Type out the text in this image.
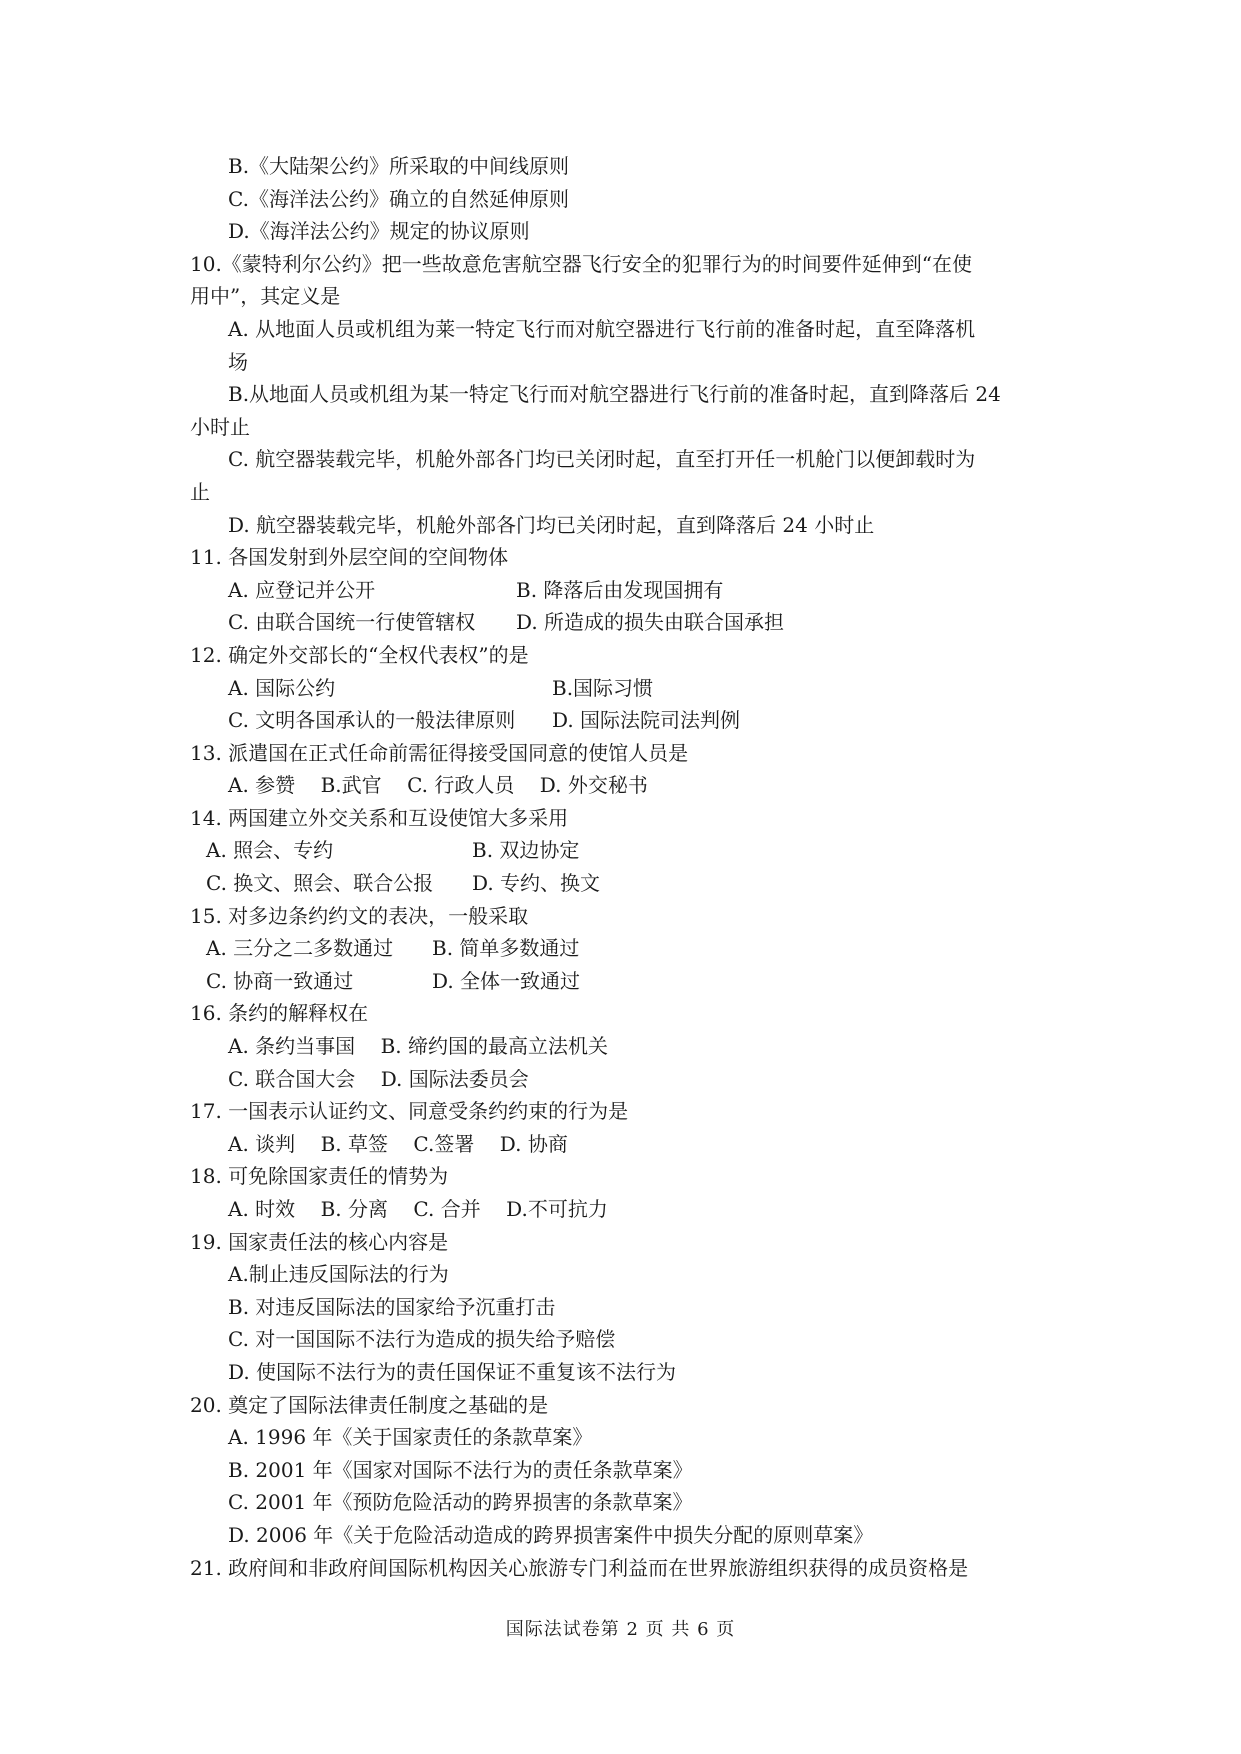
B.《大陆架公约》所采取的中间线原则
C.《海洋法公约》确立的自然延伸原则
D.《海洋法公约》规定的协议原则
10.《蒙特利尔公约》把一些故意危害航空器飞行安全的犯罪行为的时间要件延伸到“在使
用中”，其定义是
A. 从地面人员或机组为莱一特定飞行而对航空器进行飞行前的准备时起，直至降落机
场
B.从地面人员或机组为某一特定飞行而对航空器进行飞行前的准备时起，直到降落后 24
小时止
C. 航空器装载完毕，机舱外部各门均已关闭时起，直至打开任一机舱门以便卸载时为
止
D. 航空器装载完毕，机舱外部各门均已关闭时起，直到降落后 24 小时止
11. 各国发射到外层空间的空间物体
A. 应登记并公开	B. 降落后由发现国拥有
C. 由联合国统一行使管辖权	D. 所造成的损失由联合国承担
12. 确定外交部长的“全权代表权”的是
A. 国际公约	B.国际习惯
C. 文明各国承认的一般法律原则	D. 国际法院司法判例
13. 派遣国在正式任命前需征得接受国同意的使馆人员是
A. 参赞    B.武官    C. 行政人员    D. 外交秘书
14. 两国建立外交关系和互设使馆大多采用
A. 照会、专约	B. 双边协定
C. 换文、照会、联合公报	D. 专约、换文
15. 对多边条约约文的表决，一般采取
A. 三分之二多数通过	B. 简单多数通过
C. 协商一致通过	D. 全体一致通过
16. 条约的解释权在
A. 条约当事国    B. 缔约国的最高立法机关
C. 联合国大会    D. 国际法委员会
17. 一国表示认证约文、同意受条约约束的行为是
A. 谈判    B. 草签    C.签署    D. 协商
18. 可免除国家责任的情势为
A. 时效    B. 分离    C. 合并    D.不可抗力
19. 国家责任法的核心内容是
A.制止违反国际法的行为
B. 对违反国际法的国家给予沉重打击
C. 对一国国际不法行为造成的损失给予赔偿
D. 使国际不法行为的责任国保证不重复该不法行为
20. 奠定了国际法律责任制度之基础的是
A. 1996 年《关于国家责任的条款草案》
B. 2001 年《国家对国际不法行为的责任条款草案》
C. 2001 年《预防危险活动的跨界损害的条款草案》
D. 2006 年《关于危险活动造成的跨界损害案件中损失分配的原则草案》
21. 政府间和非政府间国际机构因关心旅游专门利益而在世界旅游组织获得的成员资格是
国际法试卷第 2 页 共 6 页
